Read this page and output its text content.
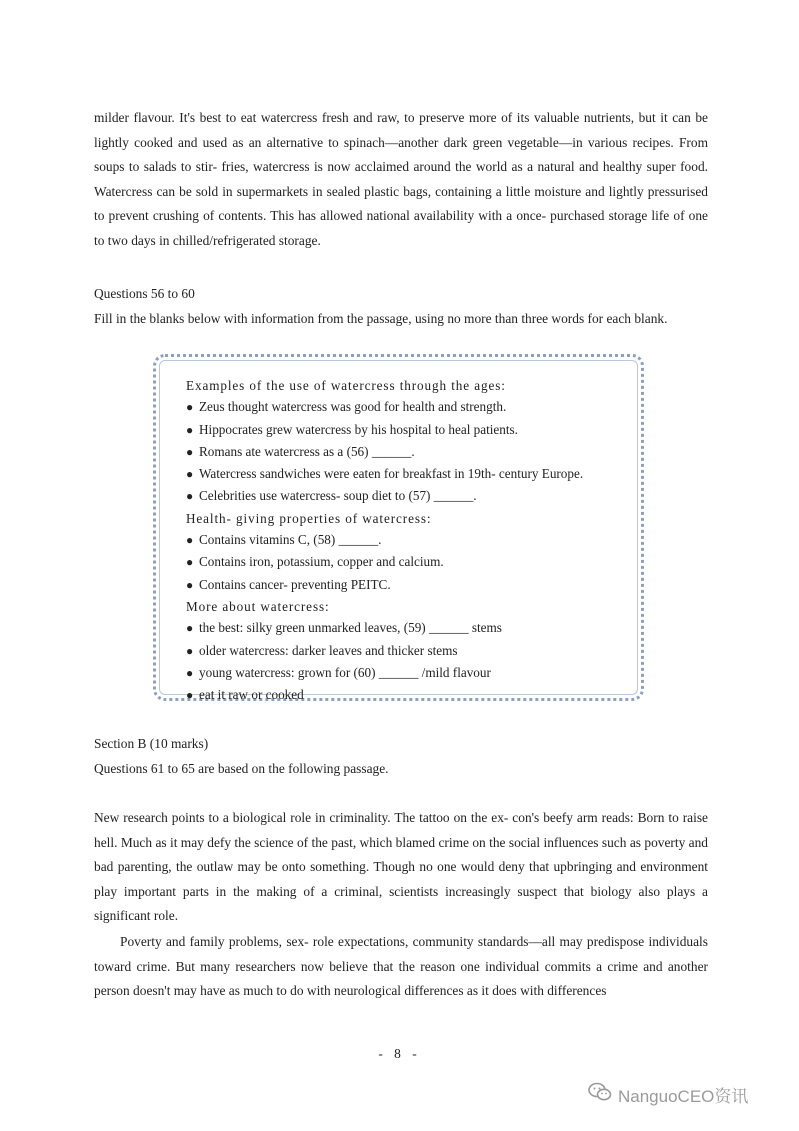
milder flavour. It's best to eat watercress fresh and raw, to preserve more of its valuable nutrients, but it can be lightly cooked and used as an alternative to spinach—another dark green vegetable—in various recipes. From soups to salads to stir- fries, watercress is now acclaimed around the world as a natural and healthy super food. Watercress can be sold in supermarkets in sealed plastic bags, containing a little moisture and lightly pressurised to prevent crushing of contents. This has allowed national availability with a once- purchased storage life of one to two days in chilled/refrigerated storage.

Questions 56 to 60
Fill in the blanks below with information from the passage, using no more than three words for each blank.
Examples of the use of watercress through the ages:
● Zeus thought watercress was good for health and strength.
● Hippocrates grew watercress by his hospital to heal patients.
● Romans ate watercress as a (56) ______.
● Watercress sandwiches were eaten for breakfast in 19th- century Europe.
● Celebrities use watercress- soup diet to (57) ______.
Health- giving properties of watercress:
● Contains vitamins C, (58) ______.
● Contains iron, potassium, copper and calcium.
● Contains cancer- preventing PEITC.
More about watercress:
● the best: silky green unmarked leaves, (59) ______ stems
● older watercress: darker leaves and thicker stems
● young watercress: grown for (60) ______ /mild flavour
● eat it raw or cooked
Section B (10 marks)
Questions 61 to 65 are based on the following passage.

New research points to a biological role in criminality. The tattoo on the ex- con's beefy arm reads: Born to raise hell. Much as it may defy the science of the past, which blamed crime on the social influences such as poverty and bad parenting, the outlaw may be onto something. Though no one would deny that upbringing and environment play important parts in the making of a criminal, scientists increasingly suspect that biology also plays a significant role.

Poverty and family problems, sex- role expectations, community standards—all may predispose individuals toward crime. But many researchers now believe that the reason one individual commits a crime and another person doesn't may have as much to do with neurological differences as it does with differences

- 8 -
NanguoCEO资讯
